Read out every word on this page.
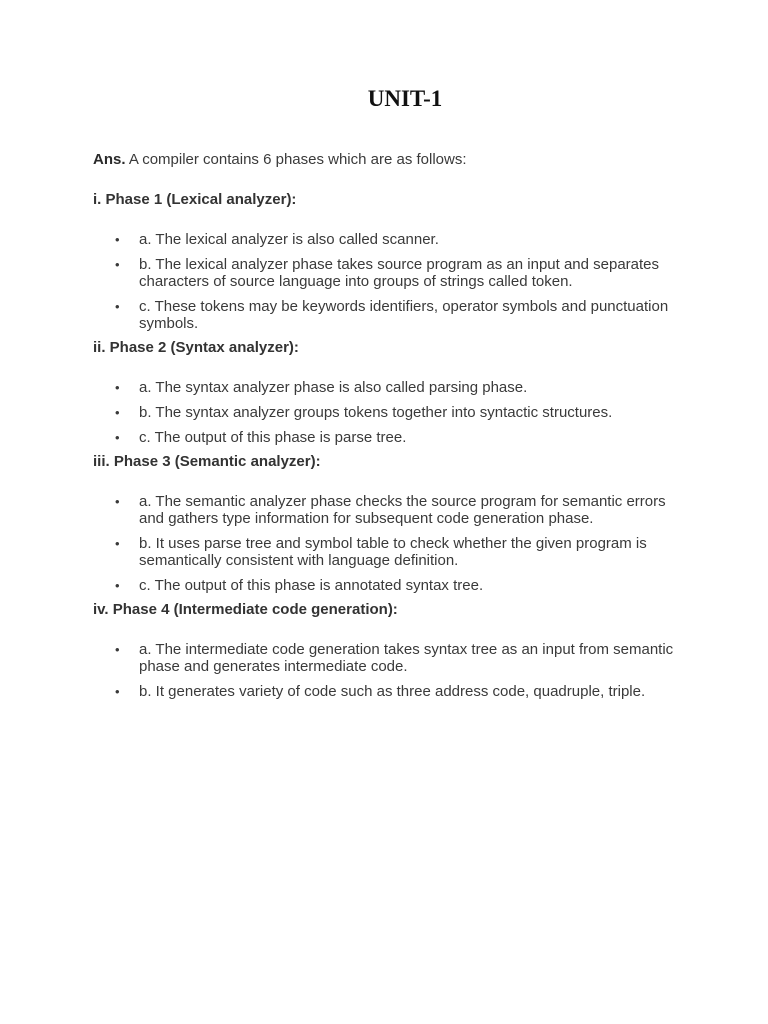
UNIT-1

Ans. A compiler contains 6 phases which are as follows:

i. Phase 1 (Lexical analyzer):

• a. The lexical analyzer is also called scanner.
• b. The lexical analyzer phase takes source program as an input and separates characters of source language into groups of strings called token.
• c. These tokens may be keywords identifiers, operator symbols and punctuation symbols.

ii. Phase 2 (Syntax analyzer):

• a. The syntax analyzer phase is also called parsing phase.
• b. The syntax analyzer groups tokens together into syntactic structures.
• c. The output of this phase is parse tree.

iii. Phase 3 (Semantic analyzer):

• a. The semantic analyzer phase checks the source program for semantic errors and gathers type information for subsequent code generation phase.
• b. It uses parse tree and symbol table to check whether the given program is semantically consistent with language definition.
• c. The output of this phase is annotated syntax tree.

iv. Phase 4 (Intermediate code generation):

• a. The intermediate code generation takes syntax tree as an input from semantic phase and generates intermediate code.
• b. It generates variety of code such as three address code, quadruple, triple.
